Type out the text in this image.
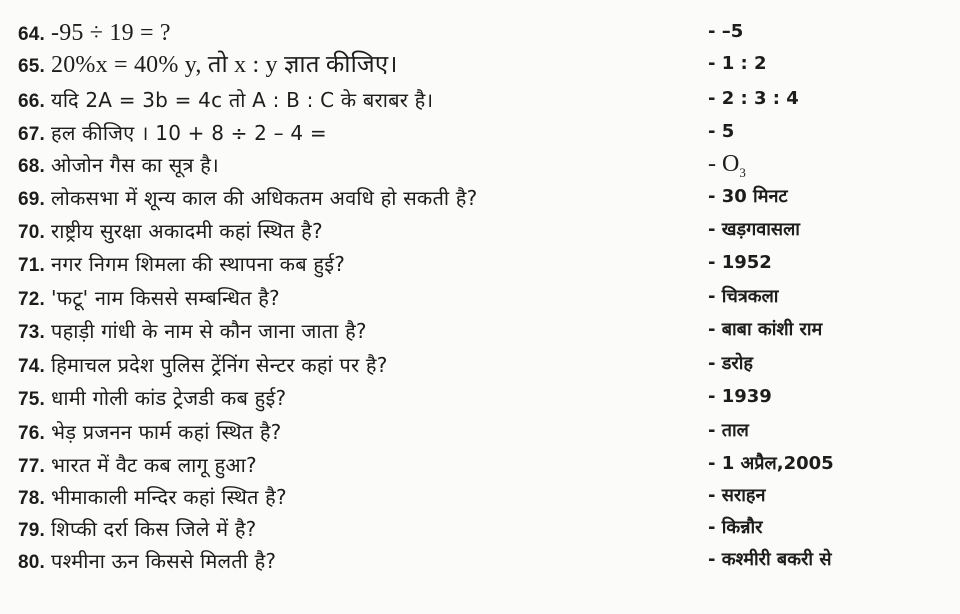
64. -95 ÷ 19 = ?	- –5
65. 20%x = 40% y, तो x : y ज्ञात कीजिए।	- 1 : 2
66. यदि 2A = 3b = 4c तो A : B : C के बराबर है।	- 2 : 3 : 4
67. हल कीजिए । 10 + 8 ÷ 2 – 4 =	- 5
68. ओजोन गैस का सूत्र है।	- $O_3$
69. लोकसभा में शून्य काल की अधिकतम अवधि हो सकती है?	- 30 मिनट
70. राष्ट्रीय सुरक्षा अकादमी कहां स्थित है?	- खड़गवासला
71. नगर निगम शिमला की स्थापना कब हुई?	- 1952
72. 'फटू' नाम किससे सम्बन्धित है?	- चित्रकला
73. पहाड़ी गांधी के नाम से कौन जाना जाता है?	- बाबा कांशी राम
74. हिमाचल प्रदेश पुलिस ट्रेंनिंग सेन्टर कहां पर है?	- डरोह
75. धामी गोली कांड ट्रेजडी कब हुई?	- 1939
76. भेड़ प्रजनन फार्म कहां स्थित है?	- ताल
77. भारत में वैट कब लागू हुआ?	- 1 अप्रैल,2005
78. भीमाकाली मन्दिर कहां स्थित है?	- सराहन
79. शिप्की दर्रा किस जिले में है?	- किन्नौर
80. पश्मीना ऊन किससे मिलती है?	- कश्मीरी बकरी से
